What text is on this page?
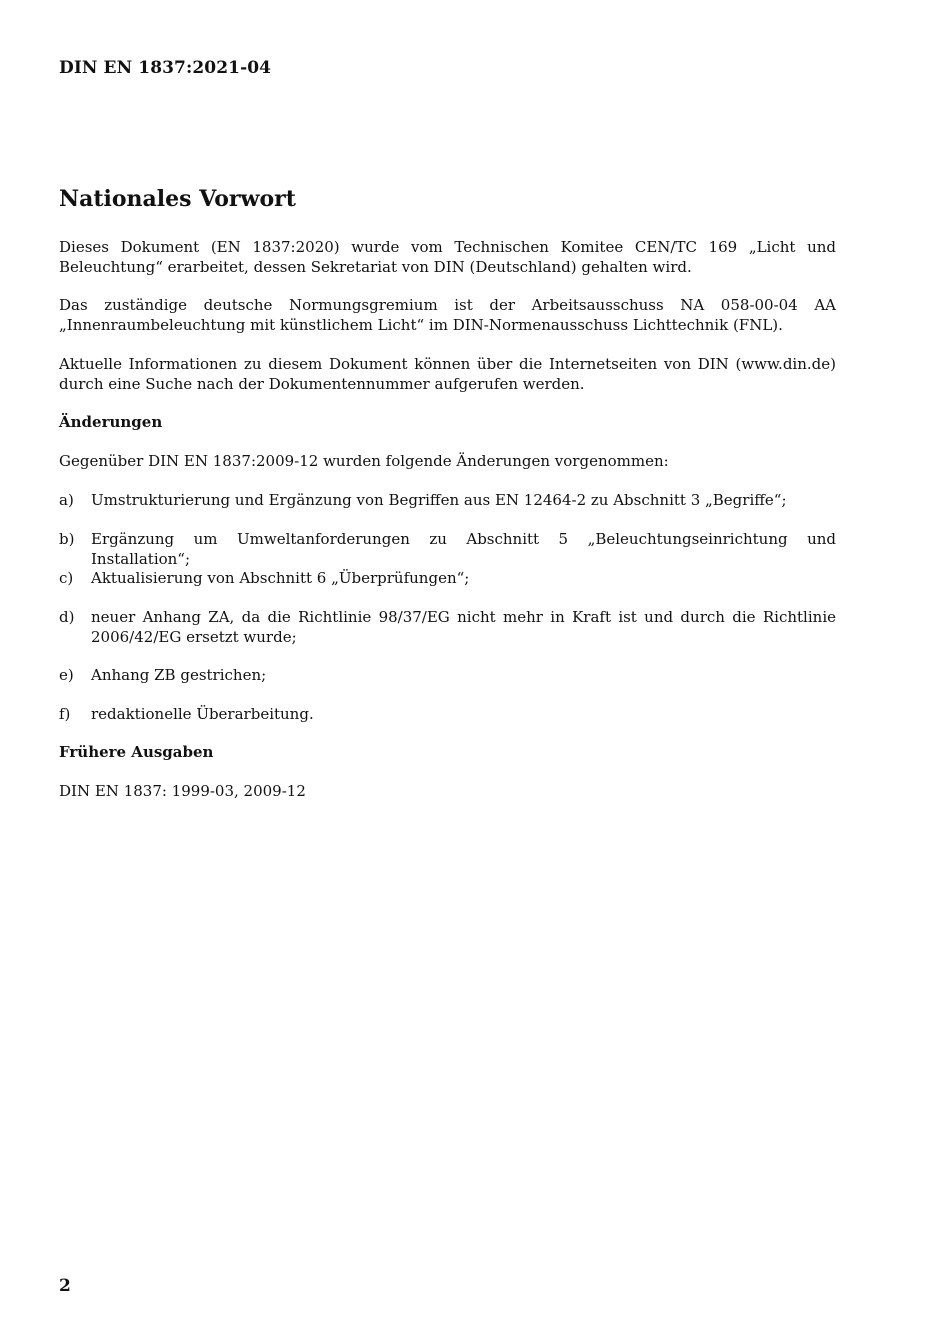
DIN EN 1837:2021-04
Nationales Vorwort

Dieses Dokument (EN 1837:2020) wurde vom Technischen Komitee CEN/TC 169 „Licht und Beleuchtung“ erarbeitet, dessen Sekretariat von DIN (Deutschland) gehalten wird.

Das zuständige deutsche Normungsgremium ist der Arbeitsausschuss NA 058-00-04 AA „Innenraumbeleuchtung mit künstlichem Licht“ im DIN-Normenausschuss Lichttechnik (FNL).

Aktuelle Informationen zu diesem Dokument können über die Internetseiten von DIN (www.din.de) durch eine Suche nach der Dokumentennummer aufgerufen werden.

Änderungen

Gegenüber DIN EN 1837:2009-12 wurden folgende Änderungen vorgenommen:

a) Umstrukturierung und Ergänzung von Begriffen aus EN 12464-2 zu Abschnitt 3 „Begriffe“;
b) Ergänzung um Umweltanforderungen zu Abschnitt 5 „Beleuchtungseinrichtung und Installation“;
c) Aktualisierung von Abschnitt 6 „Überprüfungen“;
d) neuer Anhang ZA, da die Richtlinie 98/37/EG nicht mehr in Kraft ist und durch die Richtlinie 2006/42/EG ersetzt wurde;
e) Anhang ZB gestrichen;
f) redaktionelle Überarbeitung.
Frühere Ausgaben

DIN EN 1837: 1999-03, 2009-12

2
